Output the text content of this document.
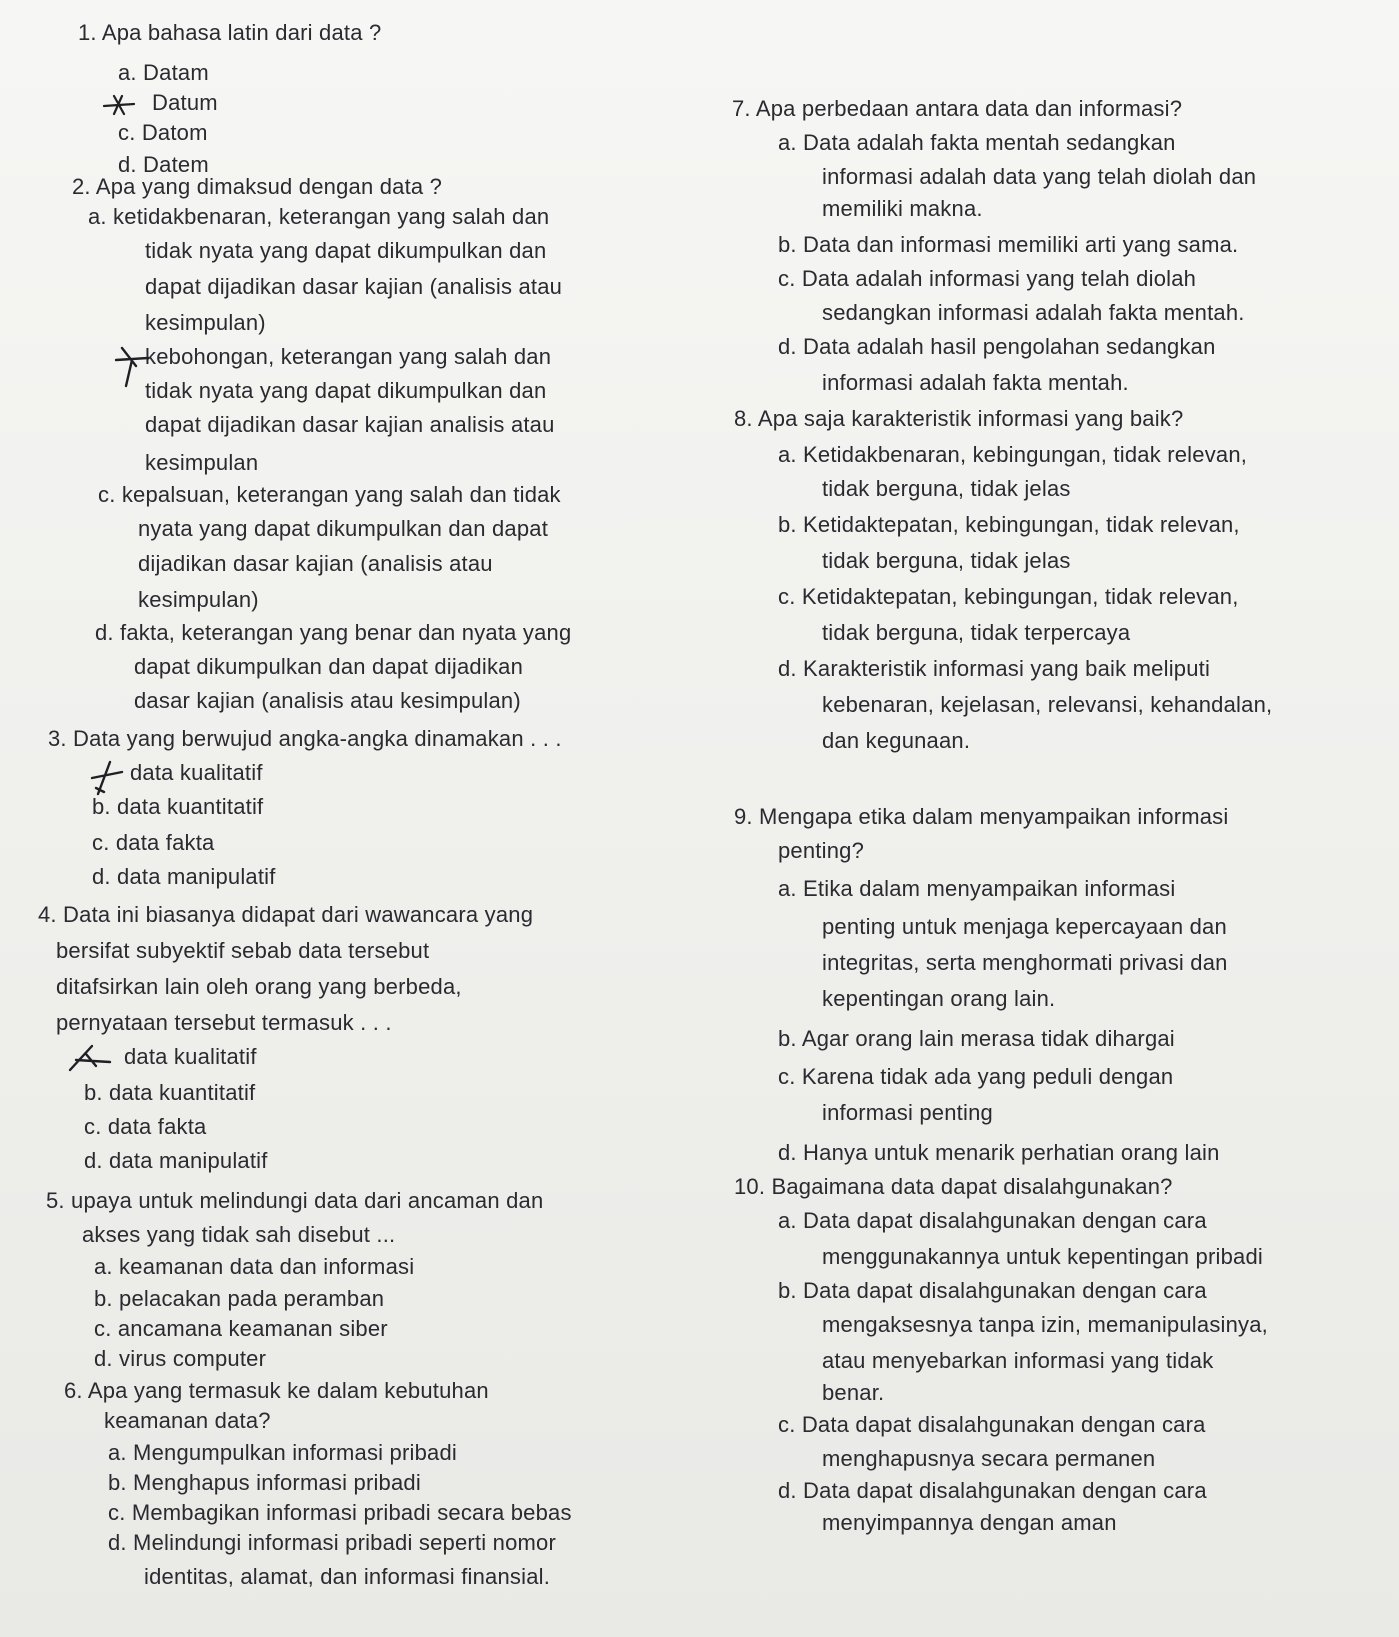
1. Apa bahasa latin dari data ?
a. Datam
Datum
c. Datom
d. Datem
2. Apa yang dimaksud dengan data ?
a. ketidakbenaran, keterangan yang salah dan
tidak nyata yang dapat dikumpulkan dan
dapat dijadikan dasar kajian (analisis atau
kesimpulan)
kebohongan, keterangan yang salah dan
tidak nyata yang dapat dikumpulkan dan
dapat dijadikan dasar kajian analisis atau
kesimpulan
c. kepalsuan, keterangan yang salah dan tidak
nyata yang dapat dikumpulkan dan dapat
dijadikan dasar kajian (analisis atau
kesimpulan)
d. fakta, keterangan yang benar dan nyata yang
dapat dikumpulkan dan dapat dijadikan
dasar kajian (analisis atau kesimpulan)
3. Data yang berwujud angka-angka dinamakan . . .
data kualitatif
b. data kuantitatif
c. data fakta
d. data manipulatif
4. Data ini biasanya didapat dari wawancara yang
bersifat subyektif sebab data tersebut
ditafsirkan lain oleh orang yang berbeda,
pernyataan tersebut termasuk . . .
data kualitatif
b. data kuantitatif
c. data fakta
d. data manipulatif
5. upaya untuk melindungi data dari ancaman dan
akses yang tidak sah disebut ...
a. keamanan data dan informasi
b. pelacakan pada peramban
c. ancamana keamanan siber
d. virus computer
6. Apa yang termasuk ke dalam kebutuhan
keamanan data?
a. Mengumpulkan informasi pribadi
b. Menghapus informasi pribadi
c. Membagikan informasi pribadi secara bebas
d. Melindungi informasi pribadi seperti nomor
identitas, alamat, dan informasi finansial.
7. Apa perbedaan antara data dan informasi?
a. Data adalah fakta mentah sedangkan
informasi adalah data yang telah diolah dan
memiliki makna.
b. Data dan informasi memiliki arti yang sama.
c. Data adalah informasi yang telah diolah
sedangkan informasi adalah fakta mentah.
d. Data adalah hasil pengolahan sedangkan
informasi adalah fakta mentah.
8. Apa saja karakteristik informasi yang baik?
a. Ketidakbenaran, kebingungan, tidak relevan,
tidak berguna, tidak jelas
b. Ketidaktepatan, kebingungan, tidak relevan,
tidak berguna, tidak jelas
c. Ketidaktepatan, kebingungan, tidak relevan,
tidak berguna, tidak terpercaya
d. Karakteristik informasi yang baik meliputi
kebenaran, kejelasan, relevansi, kehandalan,
dan kegunaan.
9. Mengapa etika dalam menyampaikan informasi
penting?
a. Etika dalam menyampaikan informasi
penting untuk menjaga kepercayaan dan
integritas, serta menghormati privasi dan
kepentingan orang lain.
b. Agar orang lain merasa tidak dihargai
c. Karena tidak ada yang peduli dengan
informasi penting
d. Hanya untuk menarik perhatian orang lain
10. Bagaimana data dapat disalahgunakan?
a. Data dapat disalahgunakan dengan cara
menggunakannya untuk kepentingan pribadi
b. Data dapat disalahgunakan dengan cara
mengaksesnya tanpa izin, memanipulasinya,
atau menyebarkan informasi yang tidak
benar.
c. Data dapat disalahgunakan dengan cara
menghapusnya secara permanen
d. Data dapat disalahgunakan dengan cara
menyimpannya dengan aman
